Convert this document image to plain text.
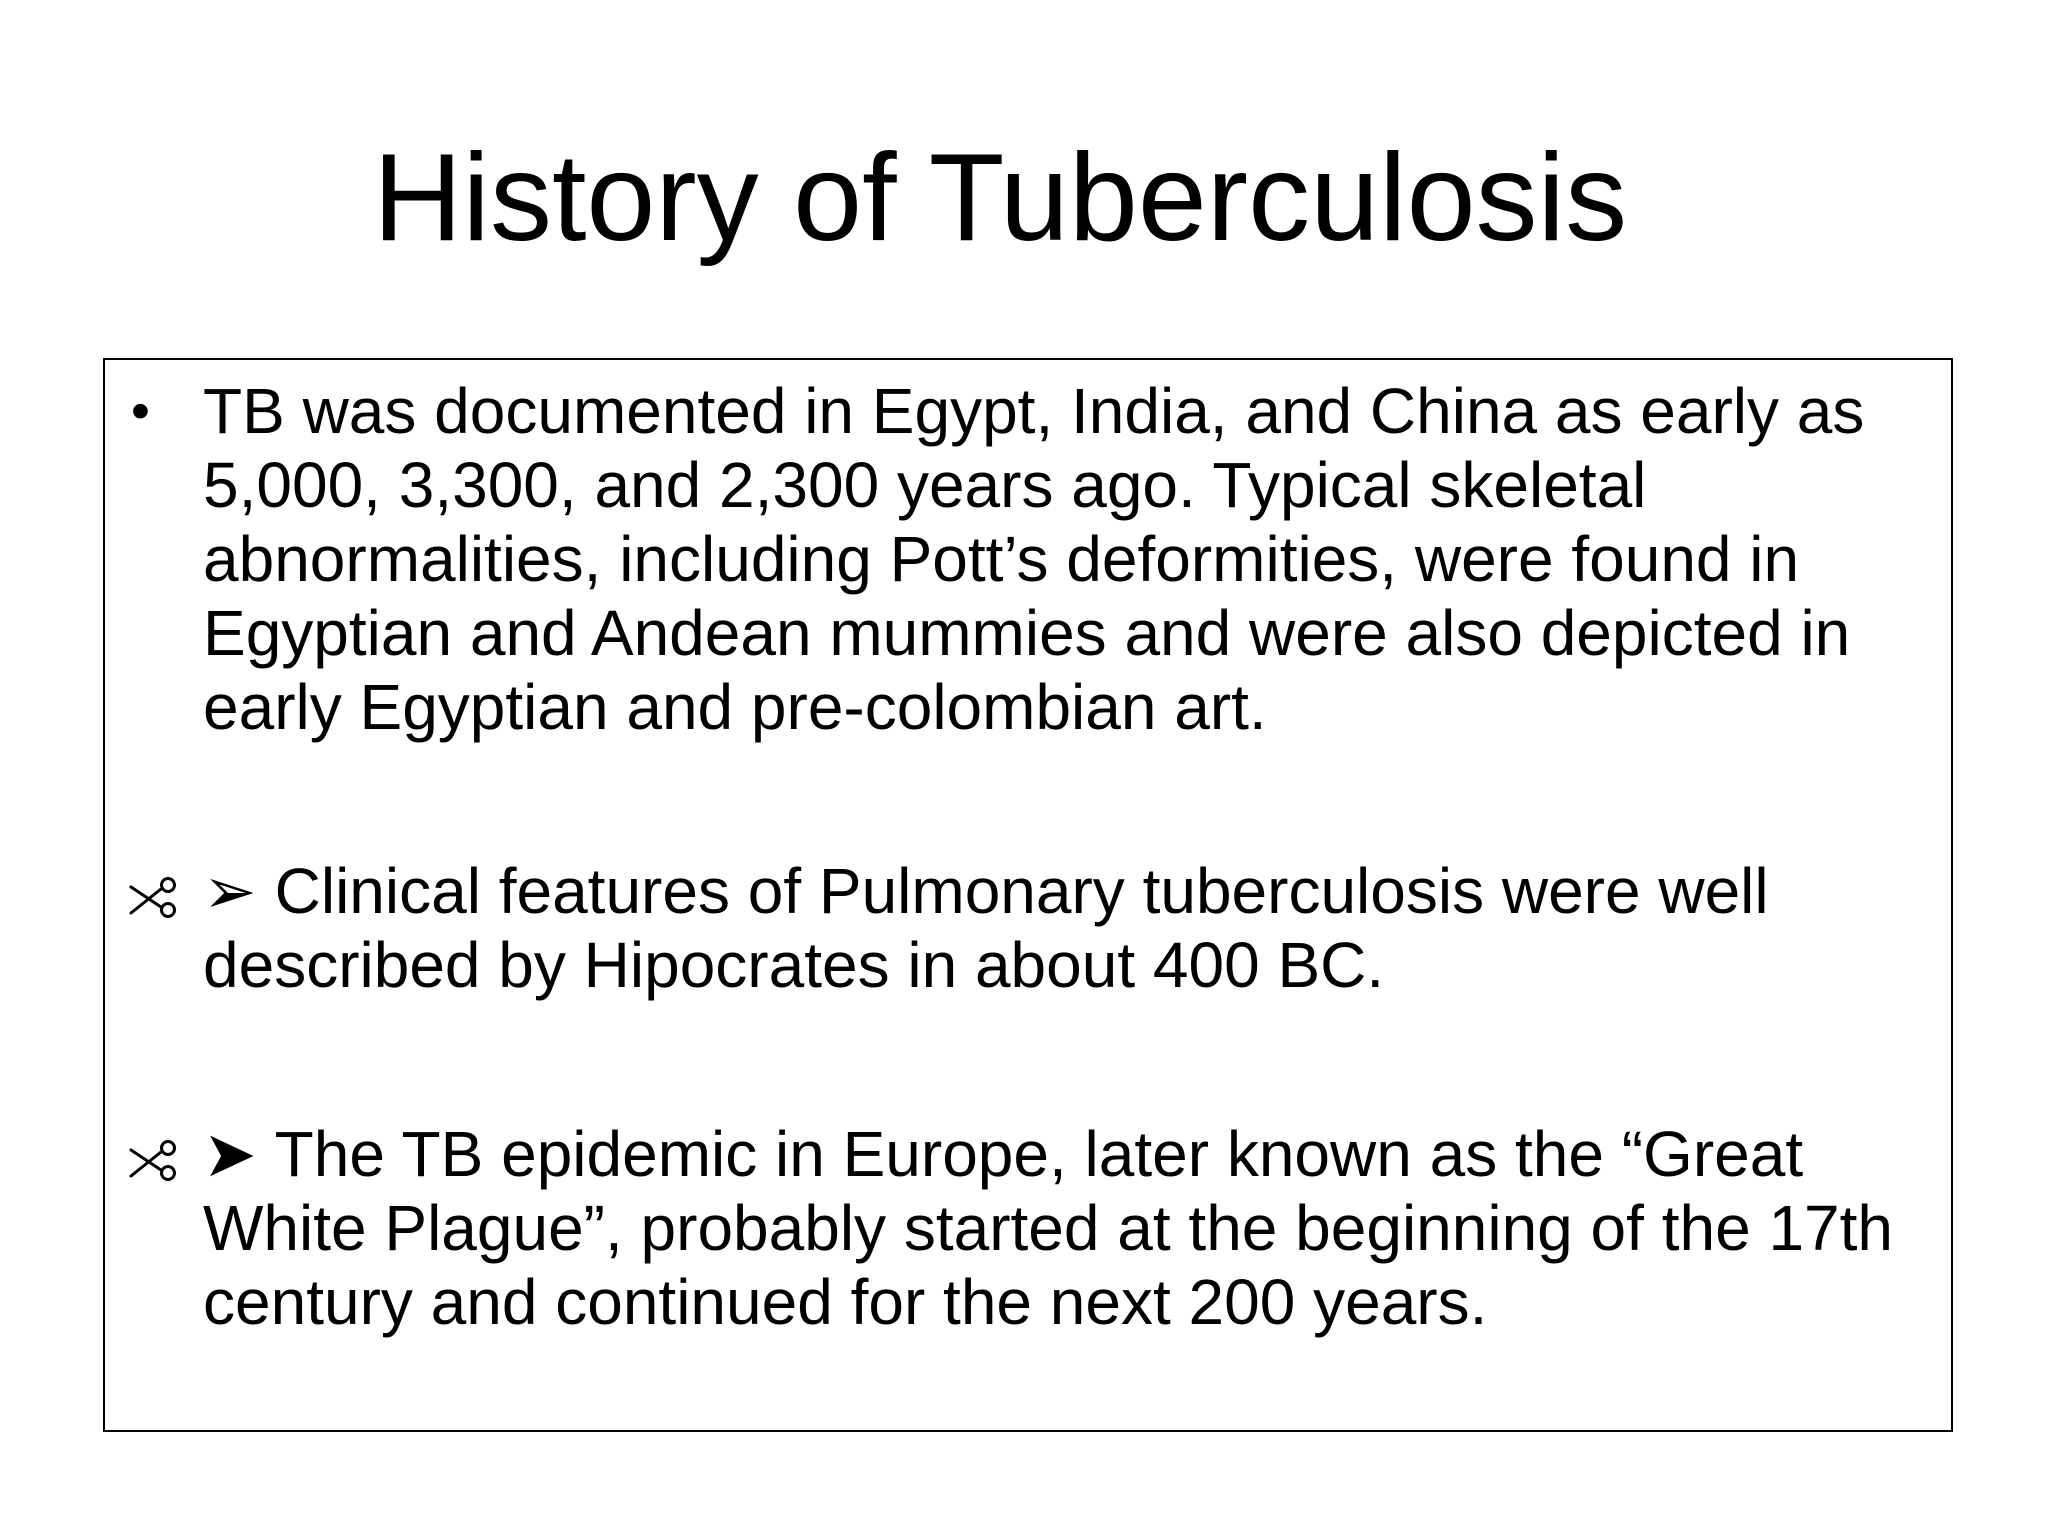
History of Tuberculosis
• TB was documented in Egypt, India, and China as early as 5,000, 3,300, and 2,300 years ago. Typical skeletal abnormalities, including Pott’s deformities, were found in Egyptian and Andean mummies and were also depicted in early Egyptian and pre-colombian art.

➢ Clinical features of Pulmonary tuberculosis were well described by Hipocrates in about 400 BC.

➤ The TB epidemic in Europe, later known as the “Great White Plague”, probably started at the beginning of the 17th century and continued for the next 200 years.
